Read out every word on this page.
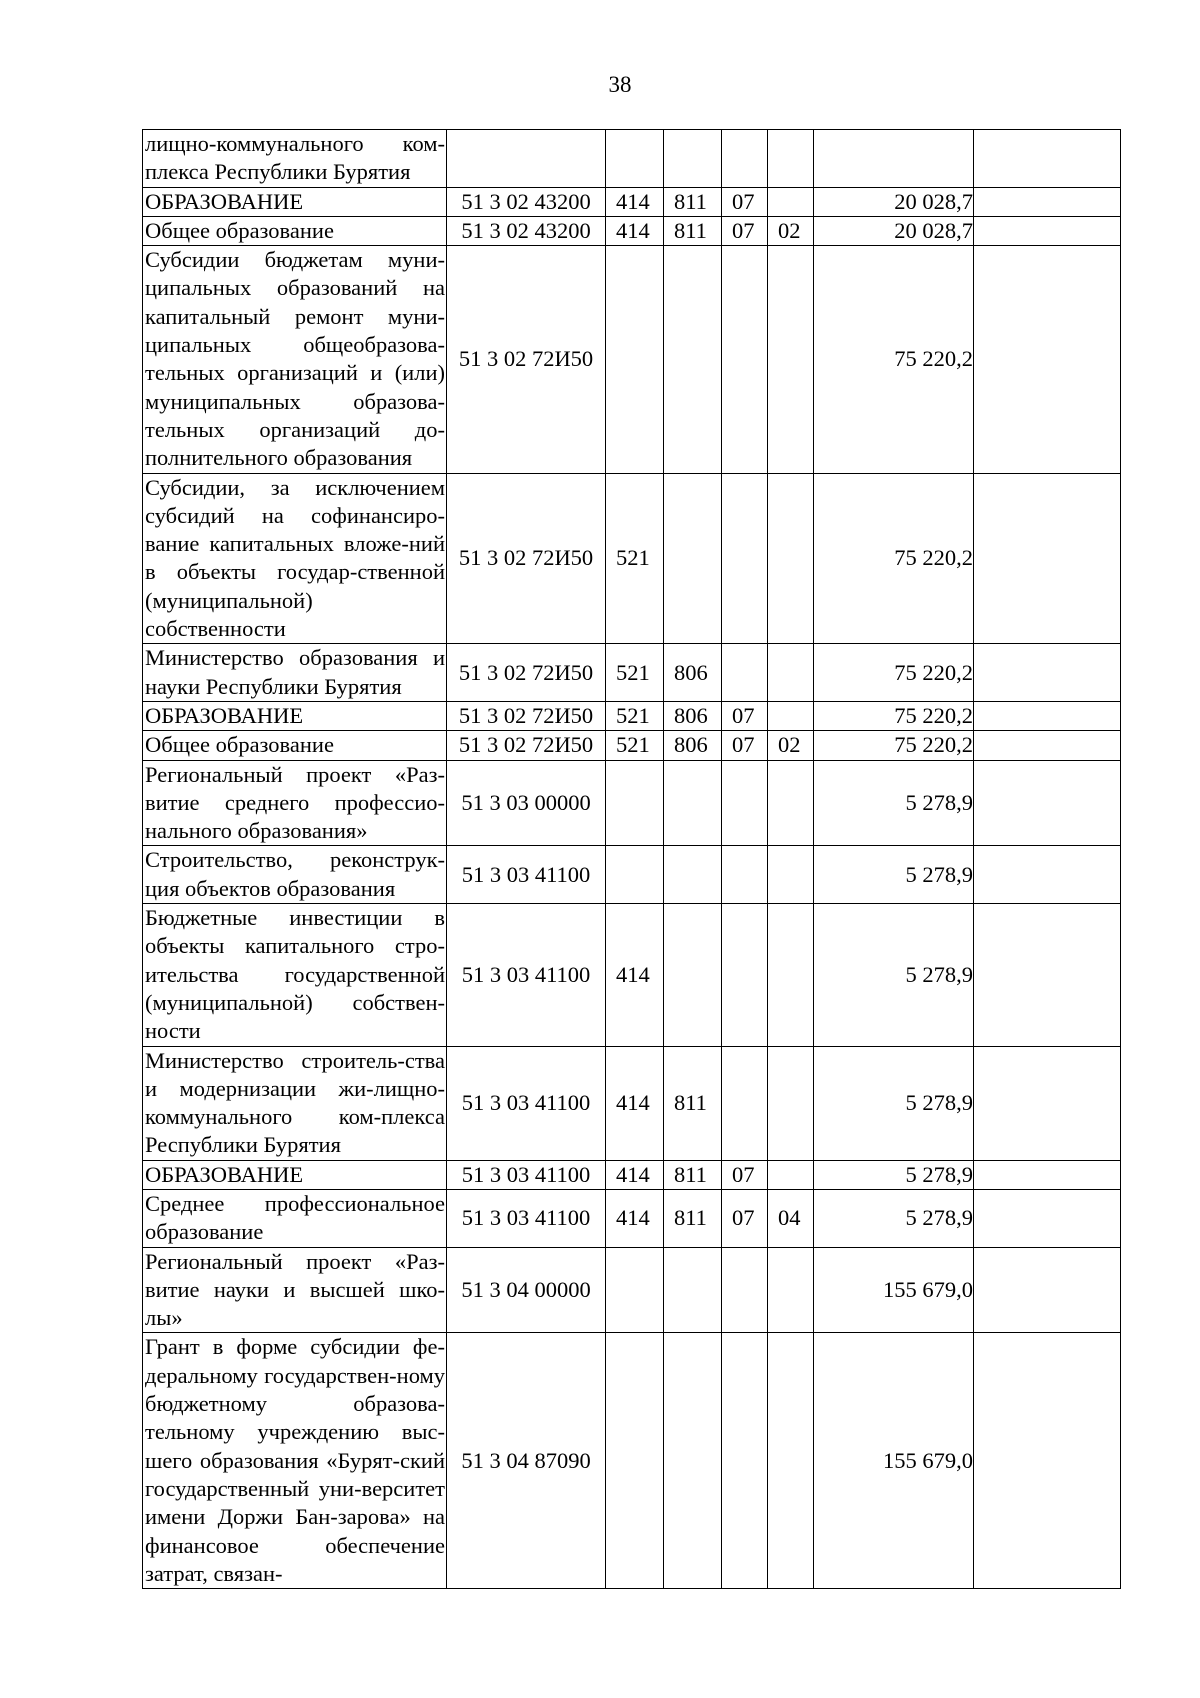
38
лищно-коммунального ком-плекса Республики Бурятия							
ОБРАЗОВАНИЕ	51 3 02 43200	414	811	07		20 028,7	
Общее образование	51 3 02 43200	414	811	07	02	20 028,7	
Субсидии бюджетам муни-ципальных образований на капитальный ремонт муни-ципальных общеобразова-тельных организаций и (или) муниципальных образова-тельных организаций до-полнительного образования	51 3 02 72И50					75 220,2	
Субсидии, за исключением субсидий на софинансиро-вание капитальных вложе-ний в объекты государ-ственной (муниципальной) собственности	51 3 02 72И50	521				75 220,2	
Министерство образования и науки Республики Бурятия	51 3 02 72И50	521	806			75 220,2	
ОБРАЗОВАНИЕ	51 3 02 72И50	521	806	07		75 220,2	
Общее образование	51 3 02 72И50	521	806	07	02	75 220,2	
Региональный проект «Раз-витие среднего профессио-нального образования»	51 3 03 00000					5 278,9	
Строительство, реконструк-ция объектов образования	51 3 03 41100					5 278,9	
Бюджетные инвестиции в объекты капитального стро-ительства государственной (муниципальной) собствен-ности	51 3 03 41100	414				5 278,9	
Министерство строитель-ства и модернизации жи-лищно-коммунального ком-плекса Республики Бурятия	51 3 03 41100	414	811			5 278,9	
ОБРАЗОВАНИЕ	51 3 03 41100	414	811	07		5 278,9	
Среднее профессиональное образование	51 3 03 41100	414	811	07	04	5 278,9	
Региональный проект «Раз-витие науки и высшей шко-лы»	51 3 04 00000					155 679,0	
Грант в форме субсидии фе-деральному государствен-ному бюджетному образова-тельному учреждению выс-шего образования «Бурят-ский государственный уни-верситет имени Доржи Бан-зарова» на финансовое обеспечение затрат, связан-	51 3 04 87090					155 679,0	
